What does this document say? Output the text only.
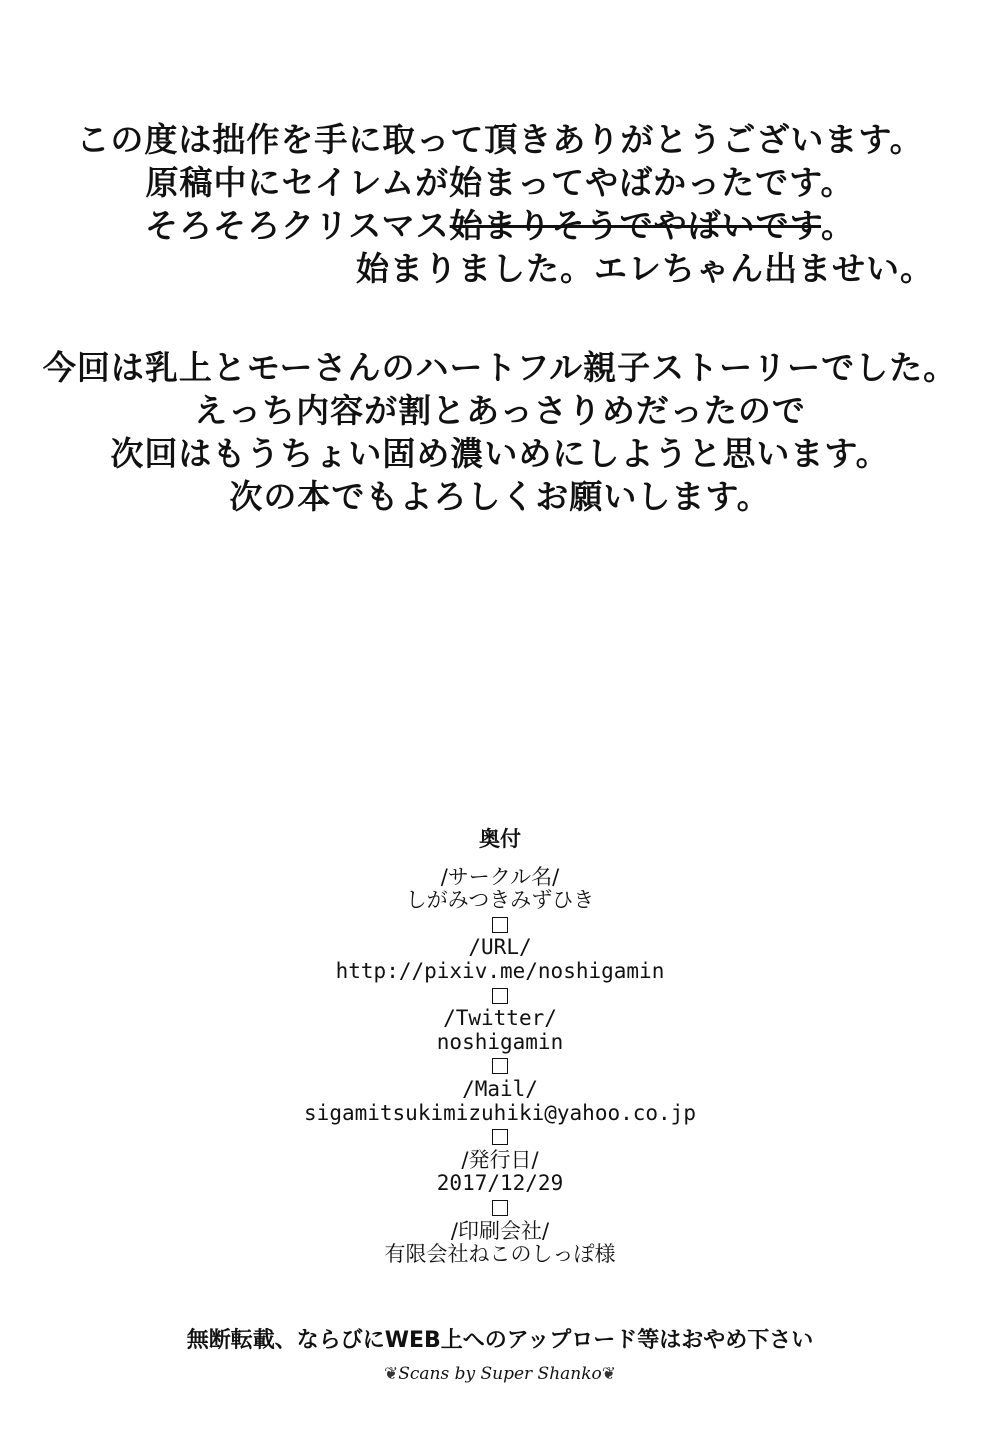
この度は拙作を手に取って頂きありがとうございます。

原稿中にセイレムが始まってやばかったです。

そろそろクリスマス始まりそうでやばいです。

始まりました。エレちゃん出ませい。

今回は乳上とモーさんのハートフル親子ストーリーでした。

えっち内容が割とあっさりめだったので

次回はもうちょい固め濃いめにしようと思います。

次の本でもよろしくお願いします。

奥付
/サークル名/
しがみつきみずひき
/URL/
http://pixiv.me/noshigamin
/Twitter/
noshigamin
/Mail/
sigamitsukimizuhiki@yahoo.co.jp
/発行日/
2017/12/29
/印刷会社/
有限会社ねこのしっぽ様
無断転載、ならびにWEB上へのアップロード等はおやめ下さい
❦Scans by Super Shanko❦
